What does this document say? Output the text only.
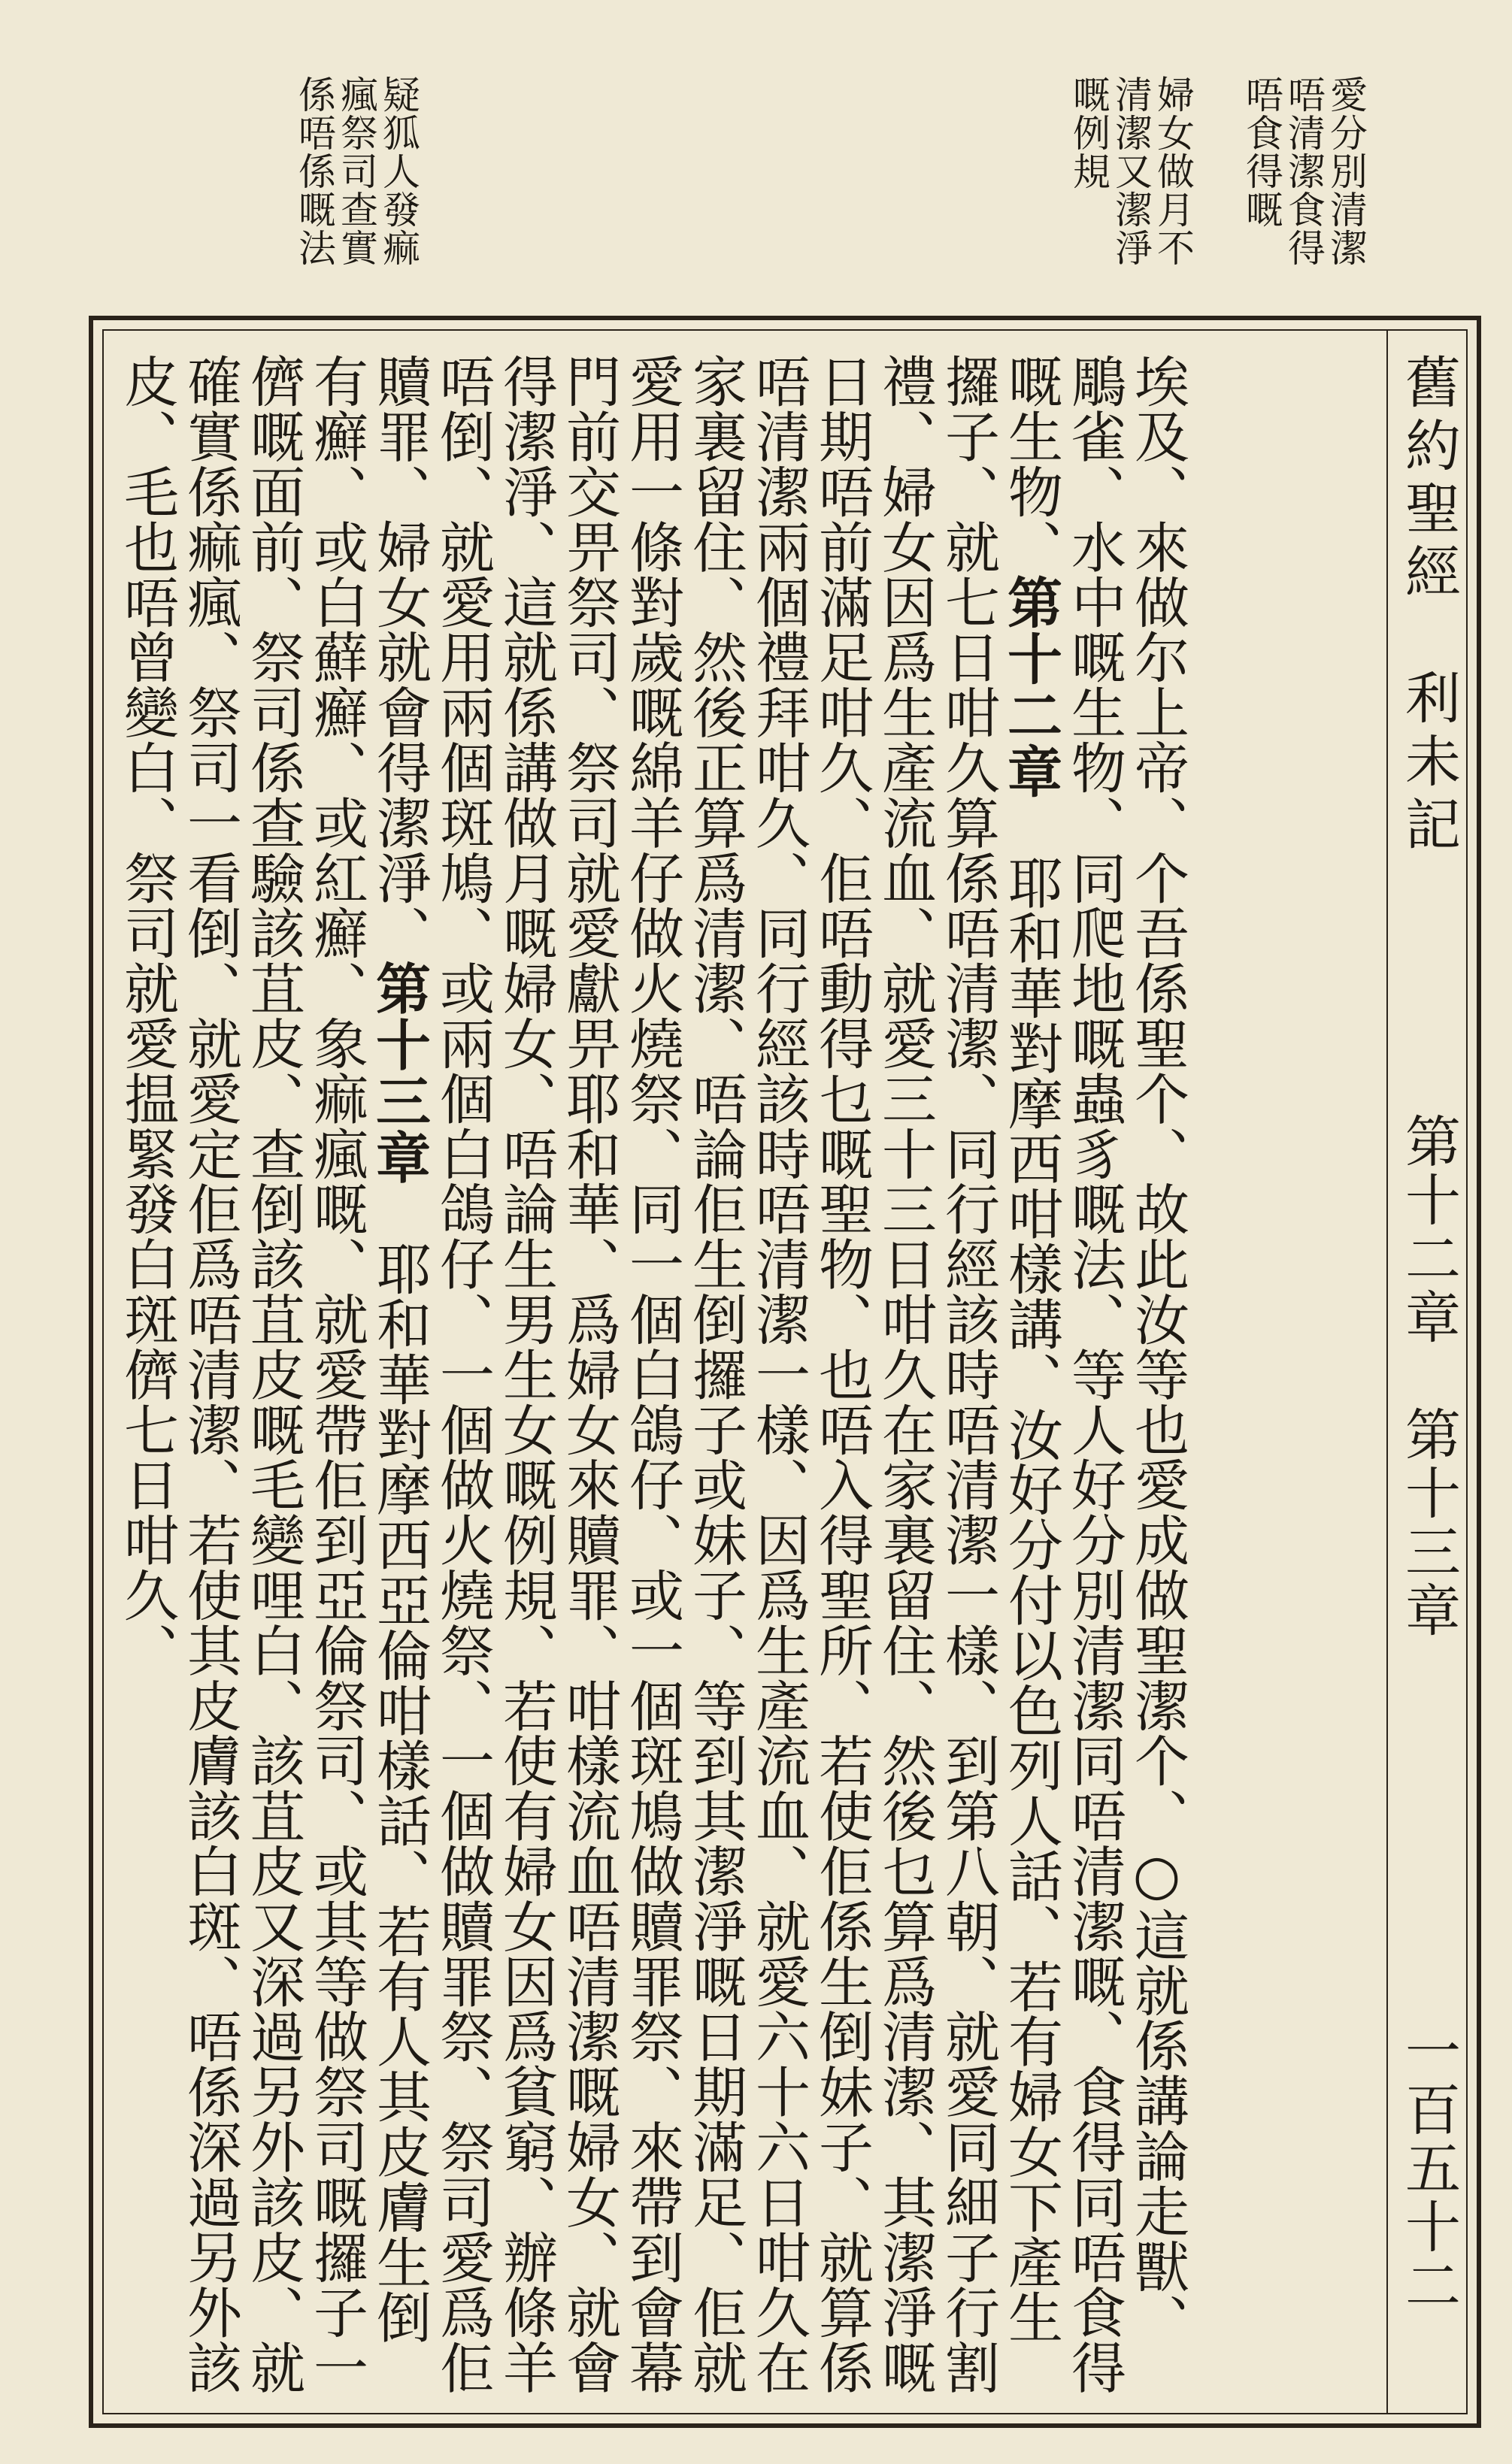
愛分別清潔唔清潔食得唔食得嘅
婦女做月不清潔又潔淨嘅例規
疑狐人發痲瘋祭司查實係唔係嘅法
舊約聖經　利未記
第十二章　第十三章
一百五十二
埃及、來做尔上帝、个吾係聖个、故此汝等也愛成做聖潔个、○這就係講論走獸、鵰雀、水中嘅生物、同爬地嘅蟲豸嘅法、等人好分別清潔同唔清潔嘅、食得同唔食得嘅生物、第十二章　耶和華對摩西咁樣講、汝好分付以色列人話、若有婦女下產生攞子、就七日咁久算係唔清潔、同行經該時唔清潔一樣、到第八朝、就愛同細子行割禮、婦女因爲生產流血、就愛三十三日咁久在家裏留住、然後乜算爲清潔、其潔淨嘅日期唔前滿足咁久、佢唔動得乜嘅聖物、也唔入得聖所、若使佢係生倒妹子、就算係唔清潔兩個禮拜咁久、同行經該時唔清潔一樣、因爲生產流血、就愛六十六日咁久在家裏留住、然後正算爲清潔、唔論佢生倒攞子或妹子、等到其潔淨嘅日期滿足、佢就愛用一條對歲嘅綿羊仔做火燒祭、同一個白鴿仔、或一個斑鳩做贖罪祭、來帶到會幕門前交畀祭司、祭司就愛獻畀耶和華、爲婦女來贖罪、咁樣流血唔清潔嘅婦女、就會得潔淨、這就係講做月嘅婦女、唔論生男生女嘅例規、若使有婦女因爲貧窮、辦條羊唔倒、就愛用兩個斑鳩、或兩個白鴿仔、一個做火燒祭、一個做贖罪祭、祭司愛爲佢贖罪、婦女就會得潔淨、第十三章　耶和華對摩西亞倫咁樣話、若有人其皮膚生倒有癬、或白蘚癬、或紅癬、象痲瘋嘅、就愛帶佢到亞倫祭司、或其等做祭司嘅攞子一儕嘅面前、祭司係查驗該苴皮、查倒該苴皮嘅毛變哩白、該苴皮又深過另外該皮、就確實係痲瘋、祭司一看倒、就愛定佢爲唔清潔、若使其皮膚該白斑、唔係深過另外該皮、毛也唔曾變白、祭司就愛揾緊發白斑儕七日咁久、
